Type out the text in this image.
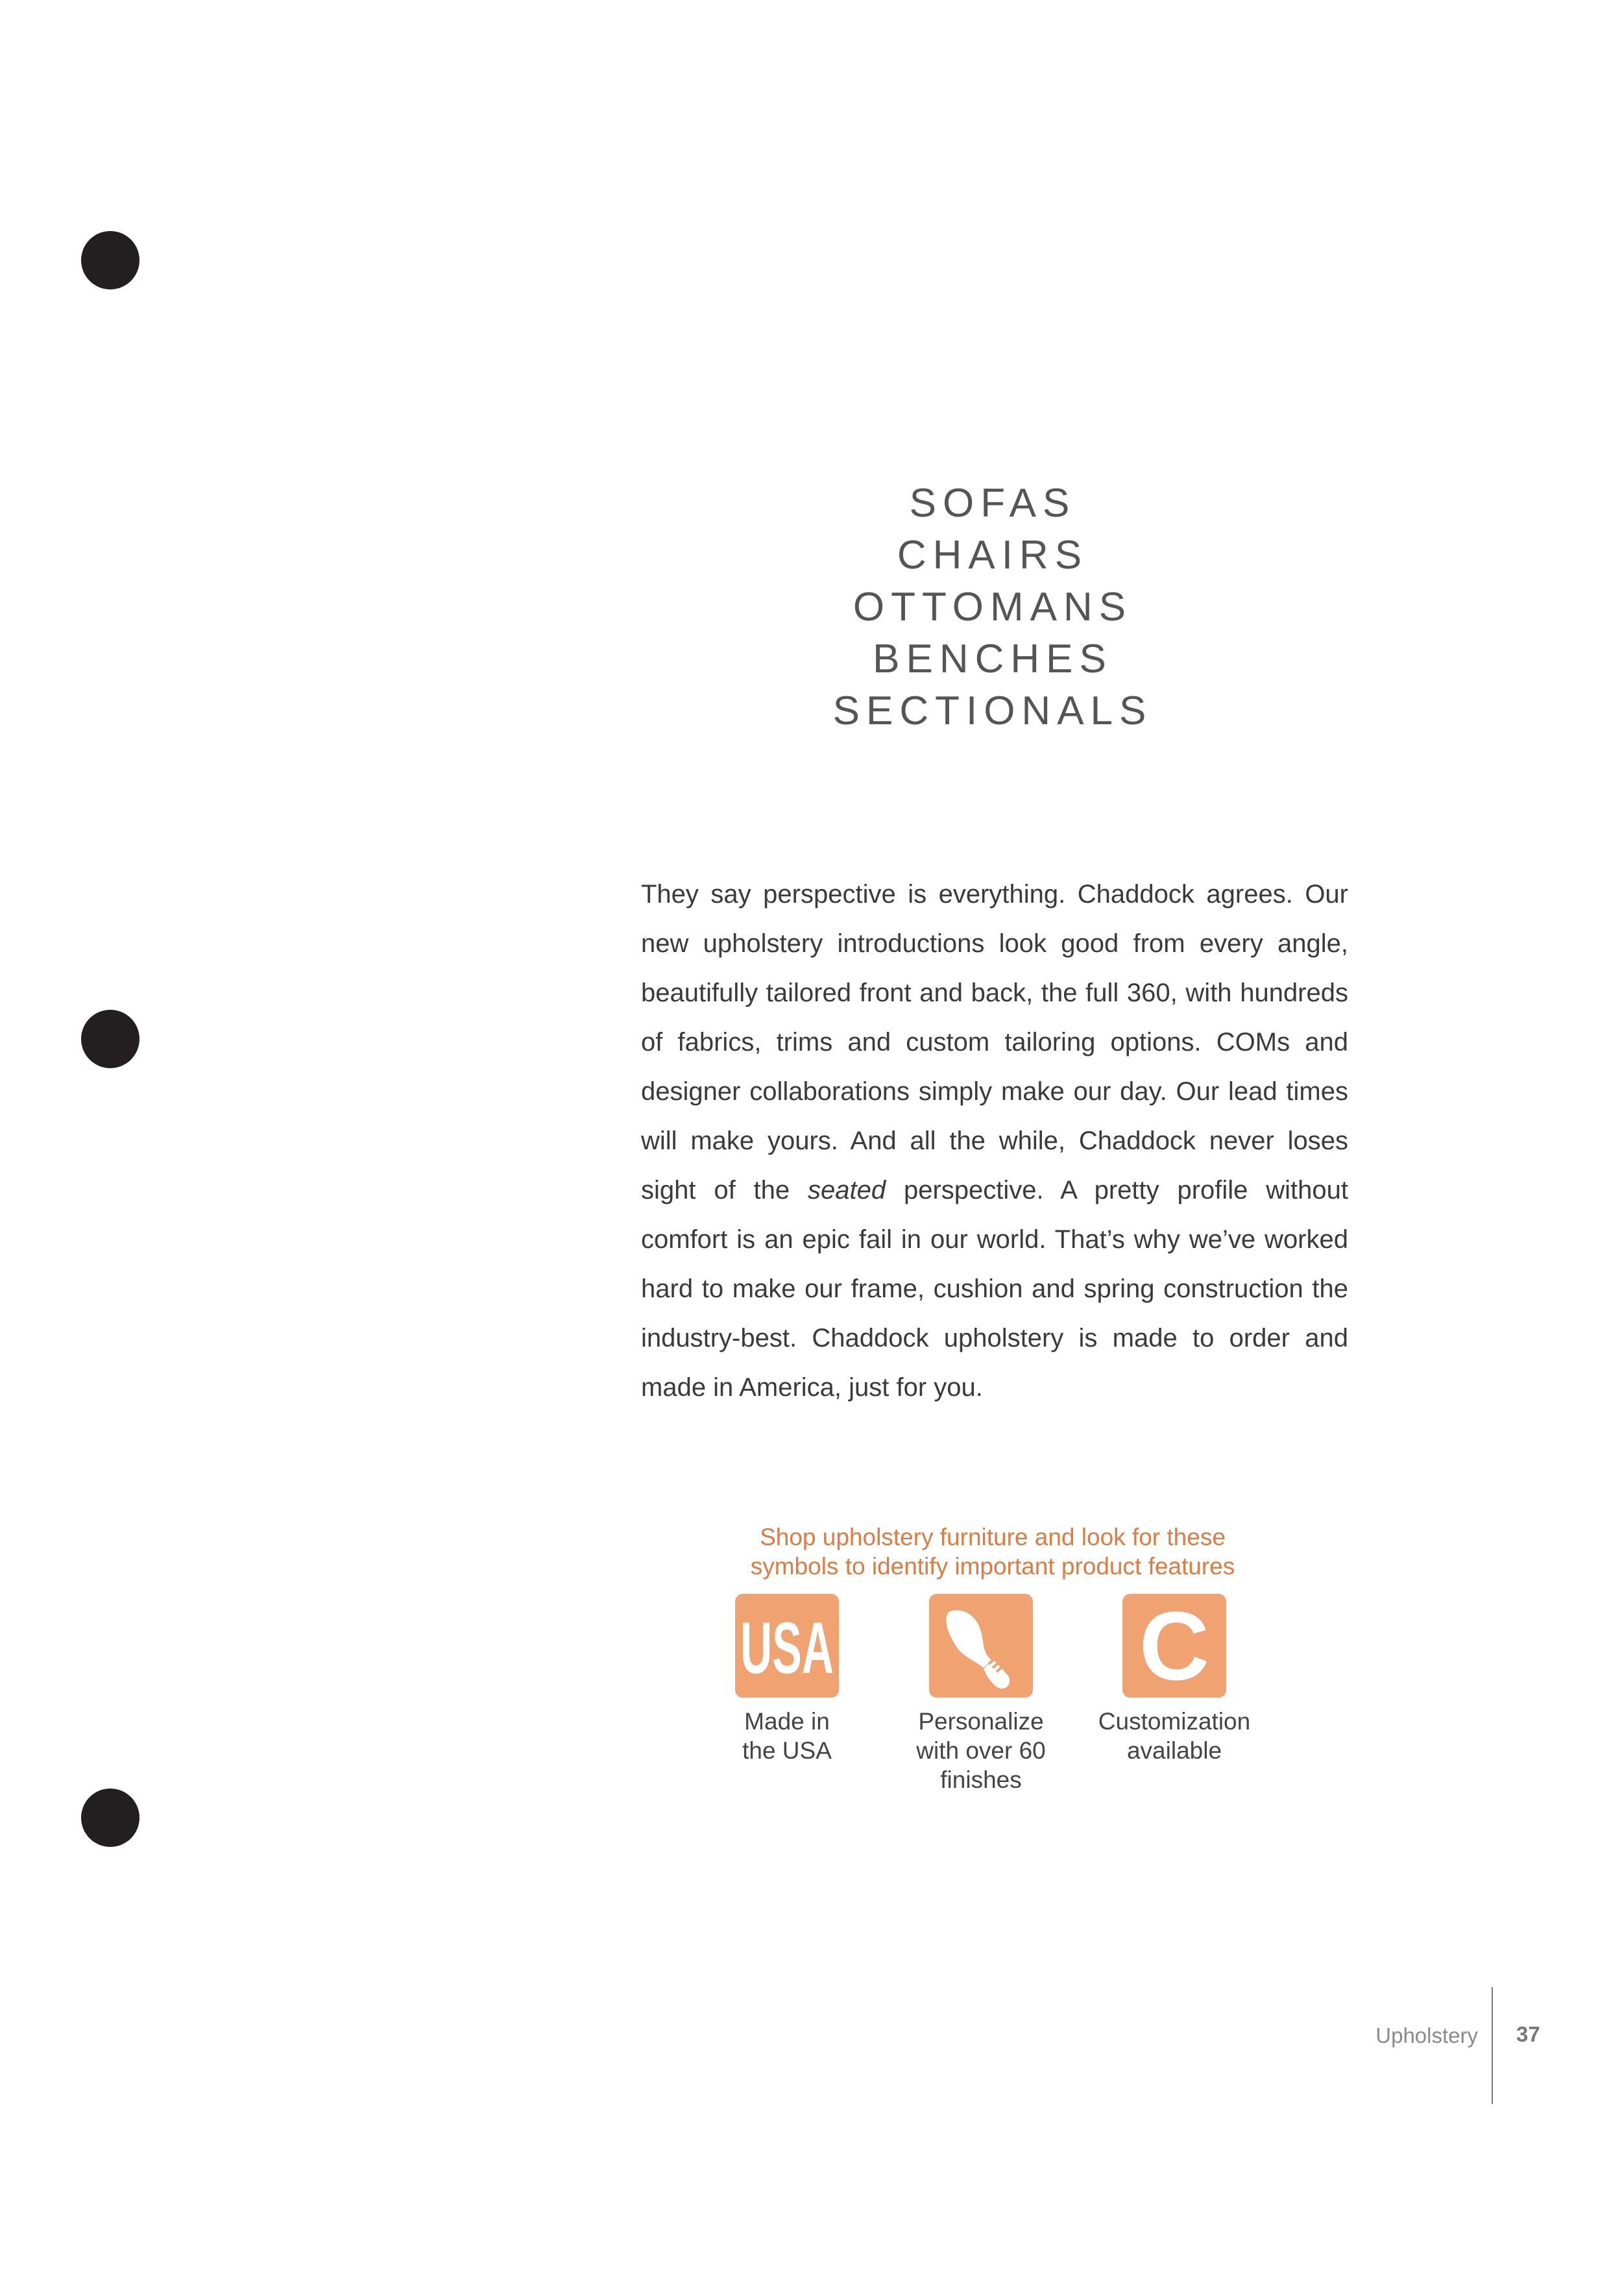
SOFAS
CHAIRS
OTTOMANS
BENCHES
SECTIONALS

They say perspective is everything. Chaddock agrees. Our new upholstery introductions look good from every angle, beautifully tailored front and back, the full 360, with hundreds of fabrics, trims and custom tailoring options. COMs and designer collaborations simply make our day. Our lead times will make yours. And all the while, Chaddock never loses sight of the seated perspective. A pretty profile without comfort is an epic fail in our world. That’s why we’ve worked hard to make our frame, cushion and spring construction the industry-best. Chaddock upholstery is made to order and made in America, just for you.

Shop upholstery furniture and look for these
symbols to identify important product features

USA
Made in
the USA
Personalize
with over 60
finishes
C
Customization
available
Upholstery 37
